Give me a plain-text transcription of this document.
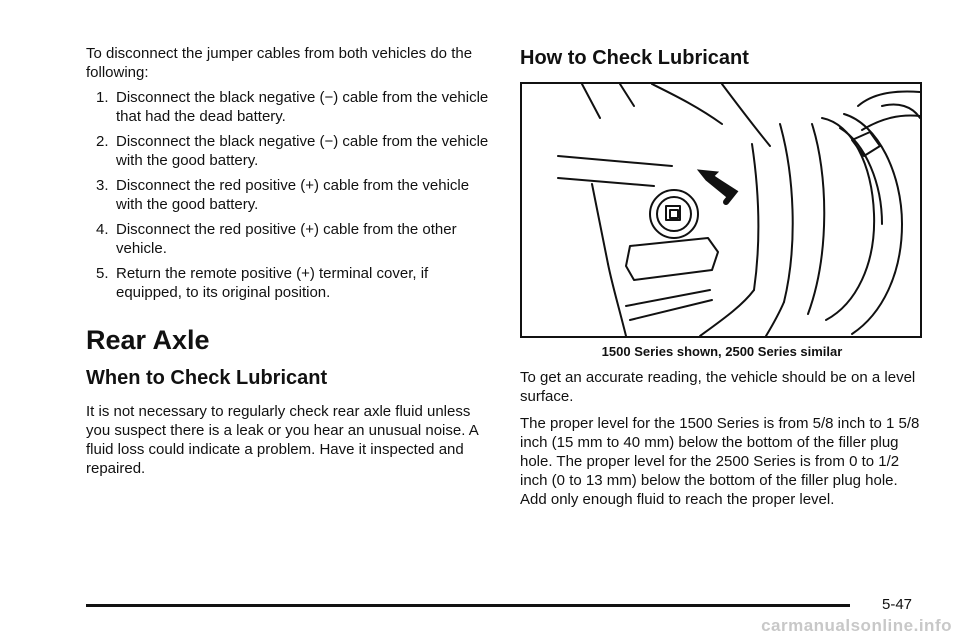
To disconnect the jumper cables from both vehicles do the following:

1. Disconnect the black negative (−) cable from the vehicle that had the dead battery.
2. Disconnect the black negative (−) cable from the vehicle with the good battery.
3. Disconnect the red positive (+) cable from the vehicle with the good battery.
4. Disconnect the red positive (+) cable from the other vehicle.
5. Return the remote positive (+) terminal cover, if equipped, to its original position.
Rear Axle
When to Check Lubricant

It is not necessary to regularly check rear axle fluid unless you suspect there is a leak or you hear an unusual noise. A fluid loss could indicate a problem. Have it inspected and repaired.

How to Check Lubricant
1500 Series shown, 2500 Series similar

To get an accurate reading, the vehicle should be on a level surface.

The proper level for the 1500 Series is from 5/8 inch to 1 5/8 inch (15 mm to 40 mm) below the bottom of the filler plug hole. The proper level for the 2500 Series is from 0 to 1/2 inch (0 to 13 mm) below the bottom of the filler plug hole. Add only enough fluid to reach the proper level.

5-47
carmanualsonline.info
